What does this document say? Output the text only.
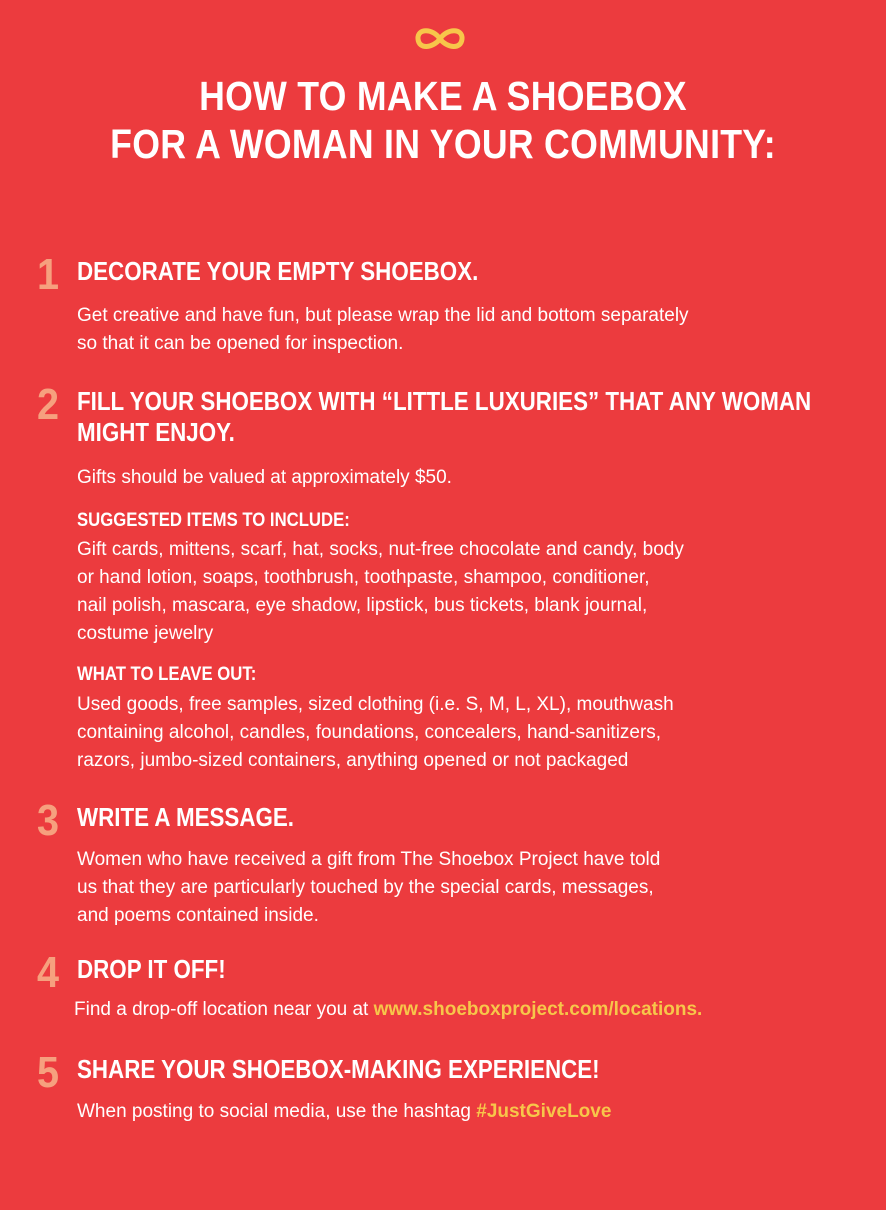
HOW TO MAKE A SHOEBOX
FOR A WOMAN IN YOUR COMMUNITY:
1 DECORATE YOUR EMPTY SHOEBOX.
Get creative and have fun, but please wrap the lid and bottom separately
so that it can be opened for inspection.
2 FILL YOUR SHOEBOX WITH “LITTLE LUXURIES” THAT ANY WOMAN
MIGHT ENJOY.
Gifts should be valued at approximately $50.
SUGGESTED ITEMS TO INCLUDE:
Gift cards, mittens, scarf, hat, socks, nut-free chocolate and candy, body
or hand lotion, soaps, toothbrush, toothpaste, shampoo, conditioner,
nail polish, mascara, eye shadow, lipstick, bus tickets, blank journal,
costume jewelry
WHAT TO LEAVE OUT:
Used goods, free samples, sized clothing (i.e. S, M, L, XL), mouthwash
containing alcohol, candles, foundations, concealers, hand-sanitizers,
razors, jumbo-sized containers, anything opened or not packaged
3 WRITE A MESSAGE.
Women who have received a gift from The Shoebox Project have told
us that they are particularly touched by the special cards, messages,
and poems contained inside.
4 DROP IT OFF!
Find a drop-off location near you at www.shoeboxproject.com/locations.
5 SHARE YOUR SHOEBOX-MAKING EXPERIENCE!
When posting to social media, use the hashtag #JustGiveLove
